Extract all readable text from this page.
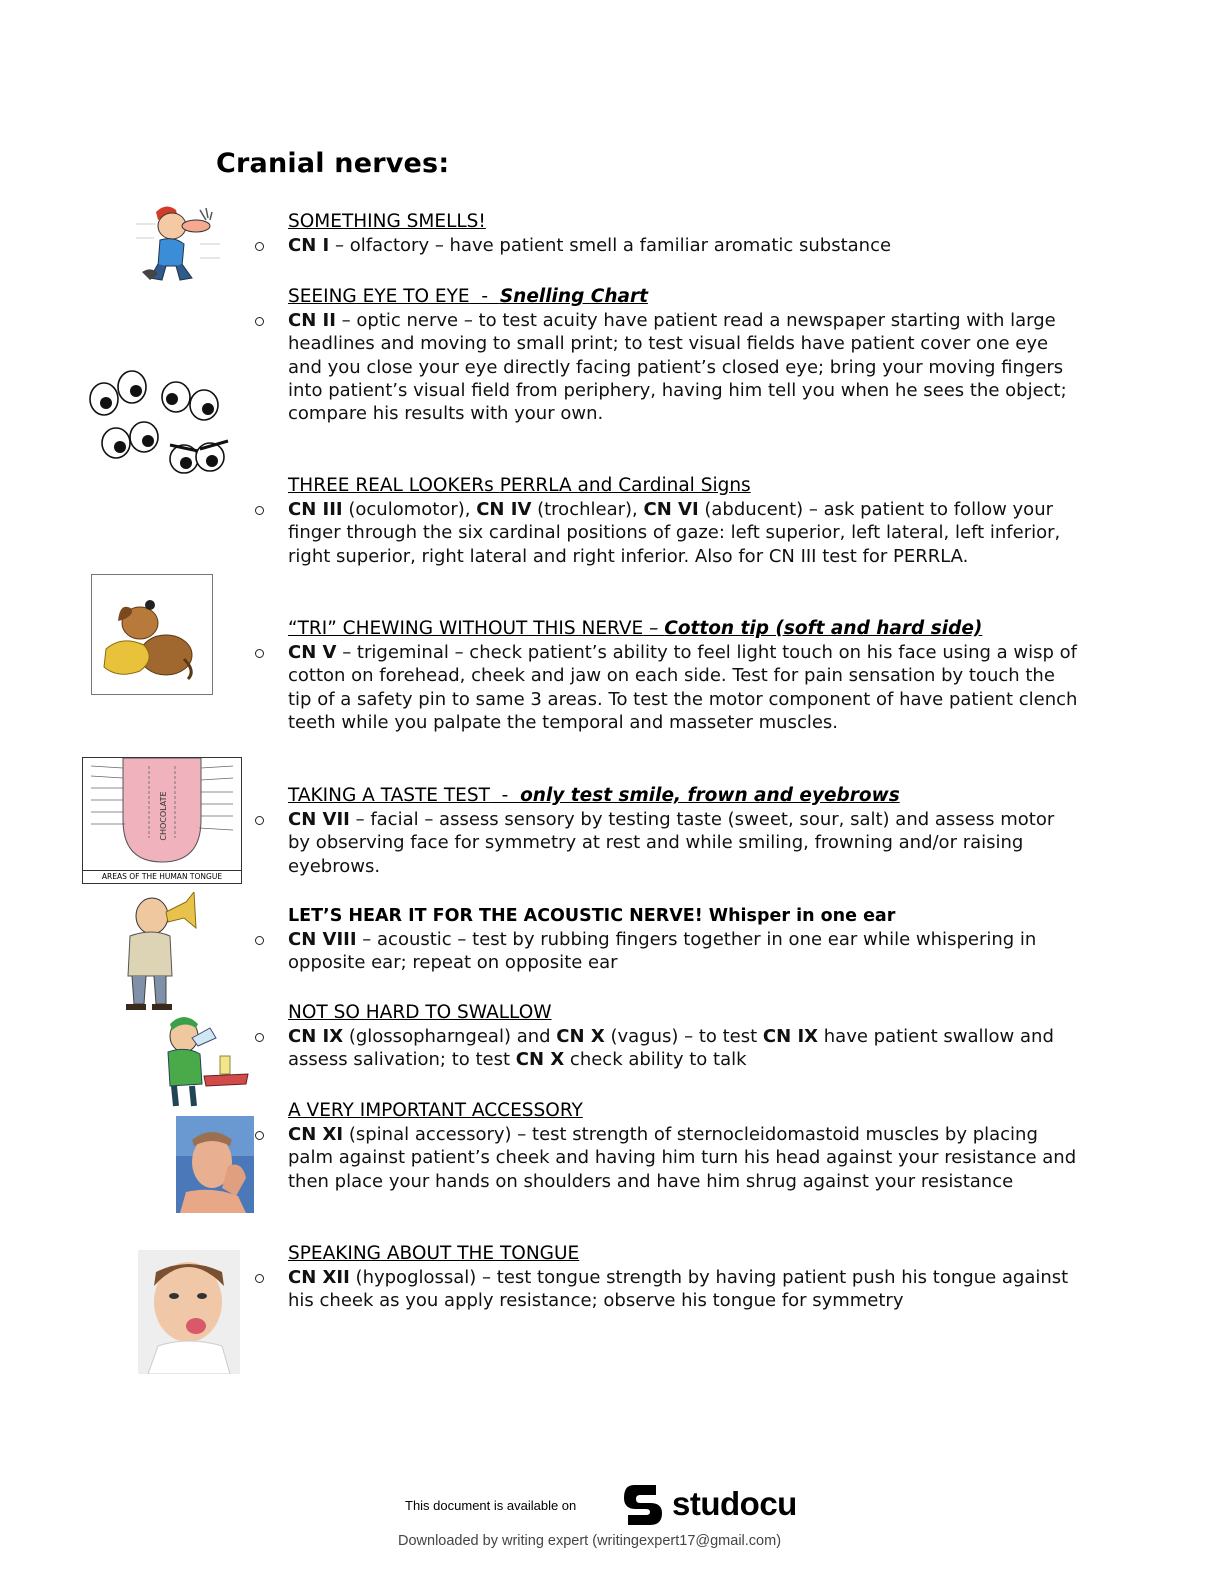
Cranial nerves:
SOMETHING SMELLS!
CN I – olfactory – have patient smell a familiar aromatic substance
SEEING EYE TO EYE  -  Snelling Chart
CN II – optic nerve – to test acuity have patient read a newspaper starting with large headlines and moving to small print; to test visual fields have patient cover one eye and you close your eye directly facing patient’s closed eye; bring your moving fingers into patient’s visual field from periphery, having him tell you when he sees the object; compare his results with your own.
THREE REAL LOOKERs PERRLA and Cardinal Signs
CN III (oculomotor), CN IV (trochlear), CN VI (abducent) – ask patient to follow your finger through the six cardinal positions of gaze: left superior, left lateral, left inferior, right superior, right lateral and right inferior. Also for CN III test for PERRLA.
“TRI” CHEWING WITHOUT THIS NERVE – Cotton tip (soft and hard side)
CN V – trigeminal – check patient’s ability to feel light touch on his face using a wisp of cotton on forehead, cheek and jaw on each side. Test for pain sensation by touch the tip of a safety pin to same 3 areas. To test the motor component of have patient clench teeth while you palpate the temporal and masseter muscles.
TAKING A TASTE TEST  -  only test smile, frown and eyebrows
CN VII – facial – assess sensory by testing taste (sweet, sour, salt) and assess motor by observing face for symmetry at rest and while smiling, frowning and/or raising eyebrows.
LET’S HEAR IT FOR THE ACOUSTIC NERVE! Whisper in one ear
CN VIII – acoustic – test by rubbing fingers together in one ear while whispering in opposite ear; repeat on opposite ear
NOT SO HARD TO SWALLOW
CN IX (glossopharngeal) and CN X (vagus) – to test CN IX have patient swallow and assess salivation; to test CN X check ability to talk
A VERY IMPORTANT ACCESSORY
CN XI (spinal accessory) – test strength of sternocleidomastoid muscles by placing palm against patient’s cheek and having him turn his head against your resistance and then place your hands on shoulders and have him shrug against your resistance
SPEAKING ABOUT THE TONGUE
CN XII (hypoglossal) – test tongue strength by having patient push his tongue against his cheek as you apply resistance; observe his tongue for symmetry
CHOCOLATE
AREAS OF THE HUMAN TONGUE
This document is available on	studocu
Downloaded by writing expert (writingexpert17@gmail.com)
